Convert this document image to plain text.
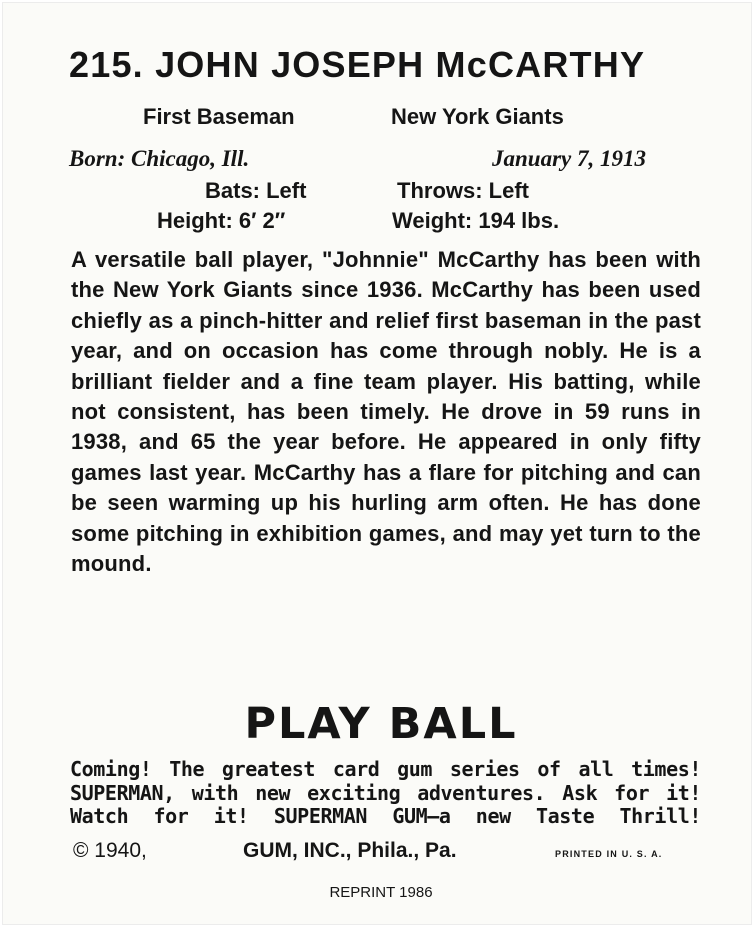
215. JOHN JOSEPH McCARTHY
First Baseman	New York Giants
Born: Chicago, Ill.	January 7, 1913
Bats: Left	Throws: Left
Height: 6′ 2″	Weight: 194 lbs.
A versatile ball player, "Johnnie" McCarthy has been with the New York Giants since 1936. McCarthy has been used chiefly as a pinch-hitter and relief first baseman in the past year, and on occasion has come through nobly. He is a brilliant fielder and a fine team player. His batting, while not consistent, has been timely. He drove in 59 runs in 1938, and 65 the year before. He appeared in only fifty games last year. McCarthy has a flare for pitching and can be seen warming up his hurling arm often. He has done some pitching in exhibition games, and may yet turn to the mound.
PLAY BALL
Coming! The greatest card gum series of all times!
SUPERMAN, with new exciting adventures. Ask for it!
Watch for it! SUPERMAN GUM—a new Taste Thrill!
© 1940,	GUM, INC., Phila., Pa.	PRINTED IN U. S. A.
REPRINT 1986
